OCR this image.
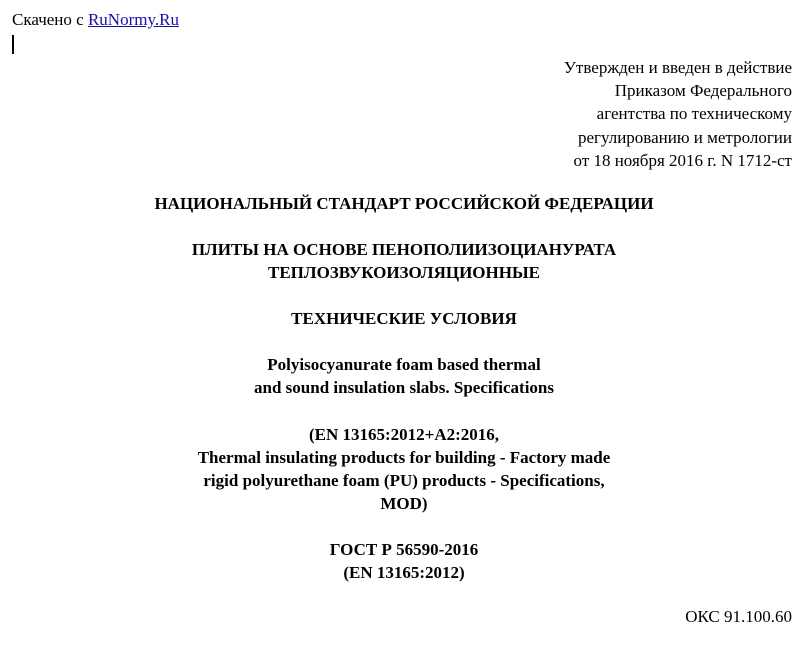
Скачено с RuNormy.Ru
Утвержден и введен в действие
Приказом Федерального
агентства по техническому
регулированию и метрологии
от 18 ноября 2016 г. N 1712-ст
НАЦИОНАЛЬНЫЙ СТАНДАРТ РОССИЙСКОЙ ФЕДЕРАЦИИ
ПЛИТЫ НА ОСНОВЕ ПЕНОПОЛИИЗОЦИАНУРАТА
ТЕПЛОЗВУКОИЗОЛЯЦИОННЫЕ
ТЕХНИЧЕСКИЕ УСЛОВИЯ
Polyisocyanurate foam based thermal
and sound insulation slabs. Specifications
(EN 13165:2012+A2:2016,
Thermal insulating products for building - Factory made
rigid polyurethane foam (PU) products - Specifications,
MOD)
ГОСТ Р 56590-2016
(EN 13165:2012)
ОКС 91.100.60
